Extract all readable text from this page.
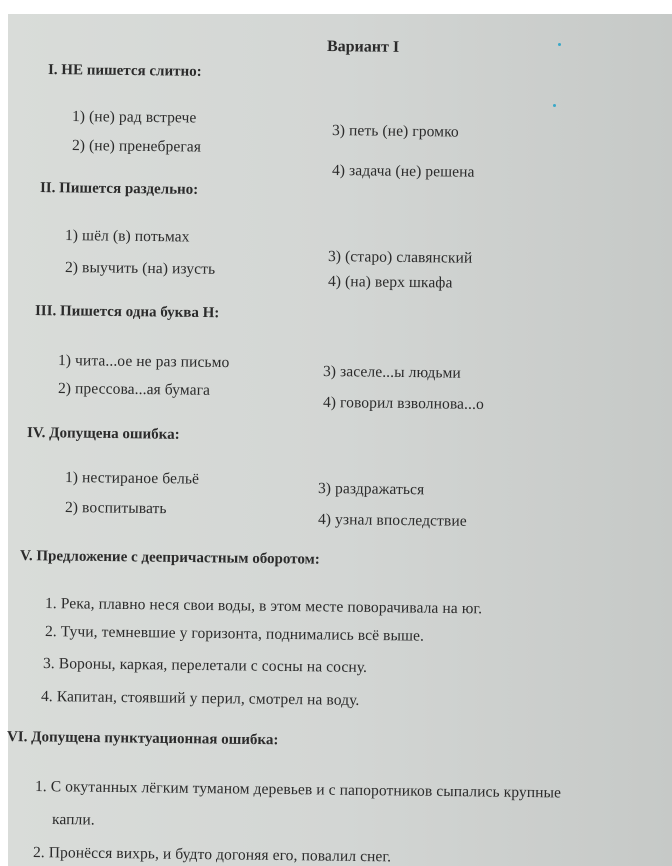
Вариант I
I. НЕ пишется слитно:
1) (не) рад встрече
2) (не) пренебрегая
3) петь (не) громко
4) задача (не) решена
II. Пишется раздельно:
1) шёл (в) потьмах
2) выучить (на) изусть
3) (старо) славянский
4) (на) верх шкафа
III. Пишется одна буква Н:
1) чита...ое не раз письмо
2) прессова...ая бумага
3) заселе...ы людьми
4) говорил взволнова...о
IV. Допущена ошибка:
1) нестираное бельё
2) воспитывать
3) раздражаться
4) узнал впоследствие
V. Предложение с деепричастным оборотом:
1. Река, плавно неся свои воды, в этом месте поворачивала на юг.
2. Тучи, темневшие у горизонта, поднимались всё выше.
3. Вороны, каркая, перелетали с сосны на сосну.
4. Капитан, стоявший у перил, смотрел на воду.
VI. Допущена пунктуационная ошибка:
1. С окутанных лёгким туманом деревьев и с папоротников сыпались крупные
капли.
2. Пронёсся вихрь, и будто догоняя его, повалил снег.
